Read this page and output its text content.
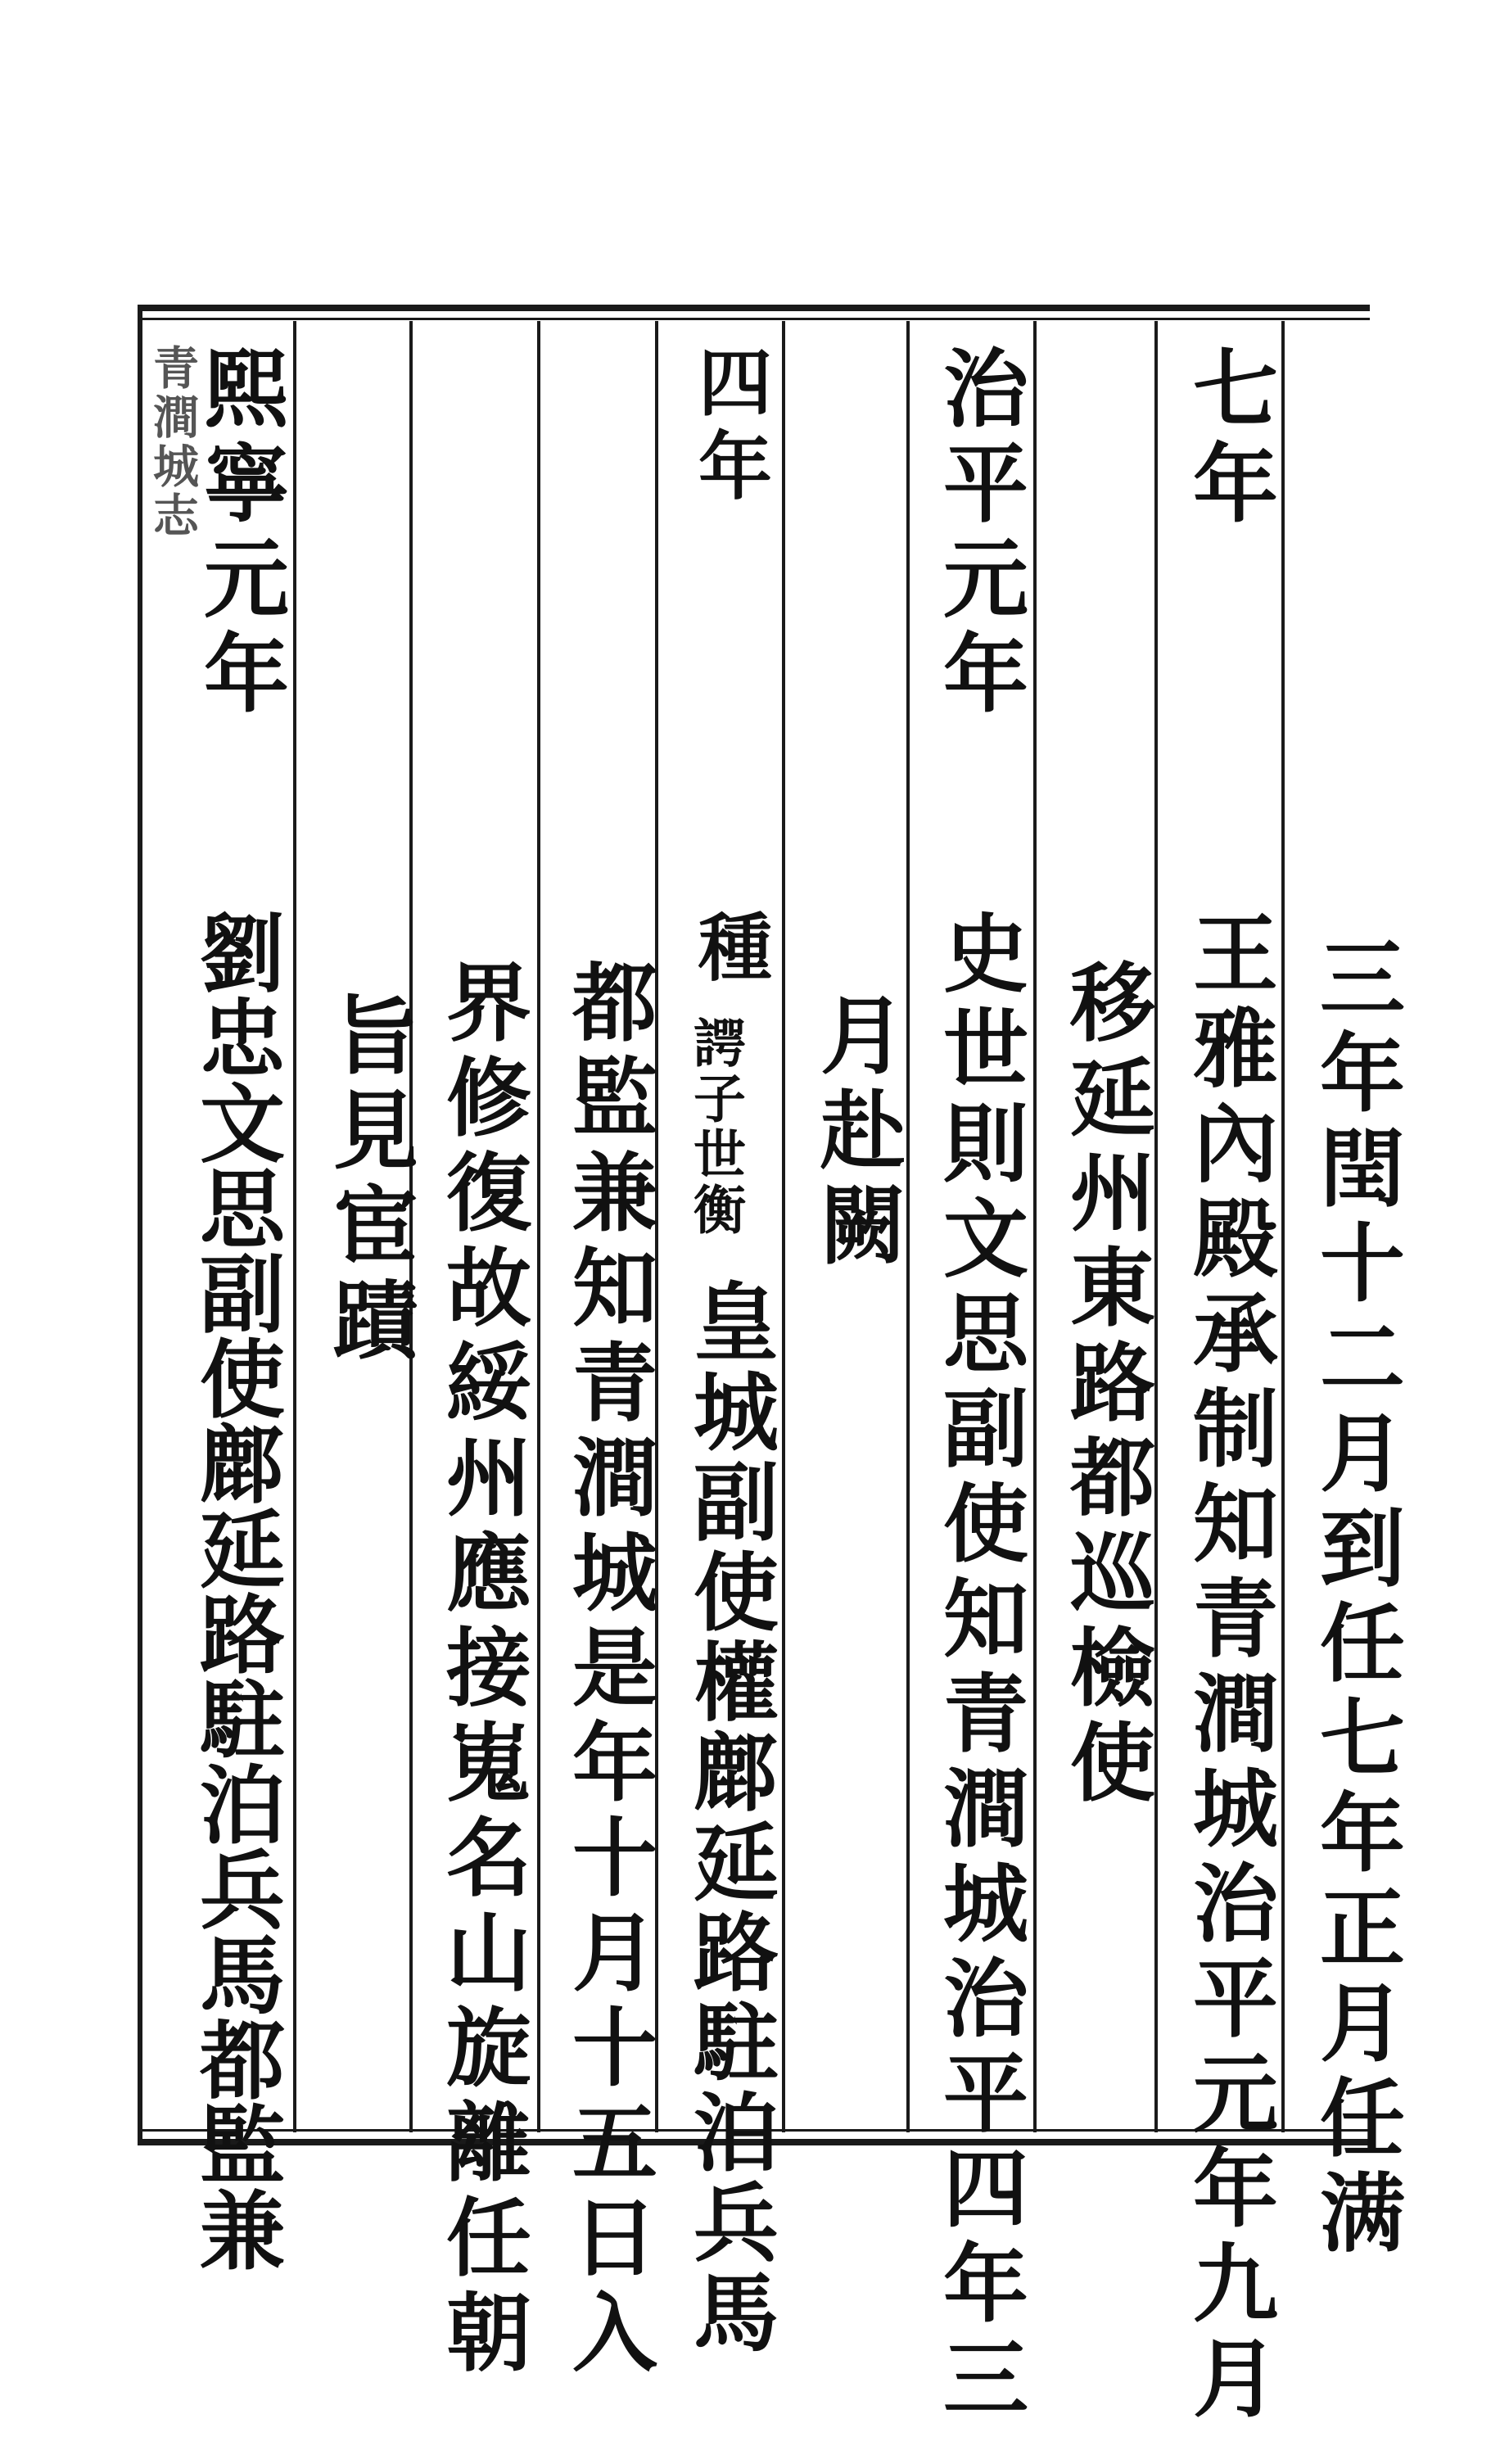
青澗城志
三年閏十二月到任七年正月任满
七年
王雅內殿承制知青澗城治平元年九月
移延州東路都巡檢使
治平元年
史世則文思副使知青澗城治平四年三
月赴闕
四年
種
諤子世衡
皇城副使權鄜延路駐泊兵馬
都監兼知青澗城是年十月十五日入
界修復故綏州應接嵬名山旋離任朝
旨見宦蹟
熙寧元年
劉忠文思副使鄜延路駐泊兵馬都監兼
